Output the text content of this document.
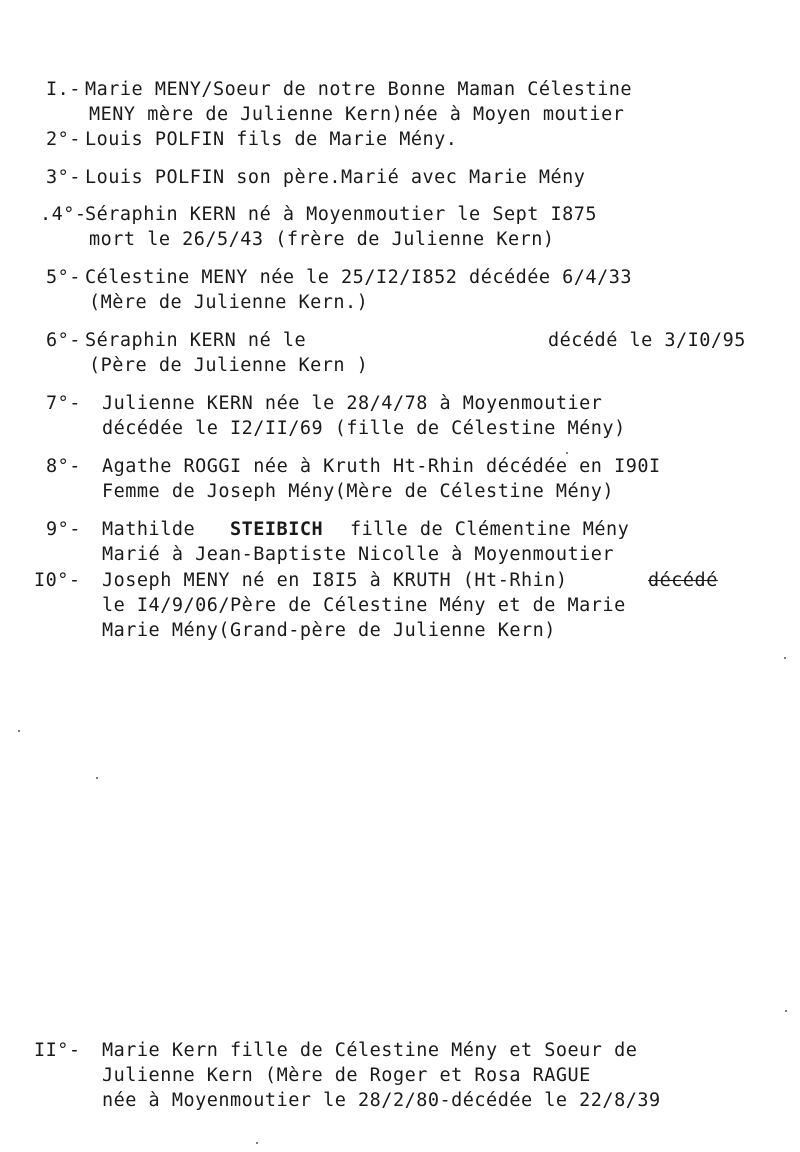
I.- Marie MENY/Soeur de notre Bonne Maman Célestine
MENY mère de Julienne Kern)née à Moyen moutier
2°- Louis POLFIN fils de Marie Mény.
3°- Louis POLFIN son père.Marié avec Marie Mény
.4°-
Séraphin KERN né à Moyenmoutier le Sept I875
mort le 26/5/43 (frère de Julienne Kern)
5°- Célestine MENY née le 25/I2/I852 décédée 6/4/33
(Mère de Julienne Kern.)
6°- Séraphin KERN né le	décédé le 3/I0/95
(Père de Julienne Kern )
7°- Julienne KERN née le 28/4/78 à Moyenmoutier
décédée le I2/II/69 (fille de Célestine Mény)
8°- Agathe ROGGI née à Kruth Ht-Rhin décédée en I90I
Femme de Joseph Mény(Mère de Célestine Mény)
9°- Mathilde STEIBICH fille de Clémentine Mény
Marié à Jean-Baptiste Nicolle à Moyenmoutier
I0°- Joseph MENY né en I8I5 à KRUTH (Ht-Rhin)	décédé
le I4/9/06/Père de Célestine Mény et de Marie
Marie Mény(Grand-père de Julienne Kern)
II°- Marie Kern fille de Célestine Mény et Soeur de
Julienne Kern (Mère de Roger et Rosa RAGUE
née à Moyenmoutier le 28/2/80-décédée le 22/8/39
